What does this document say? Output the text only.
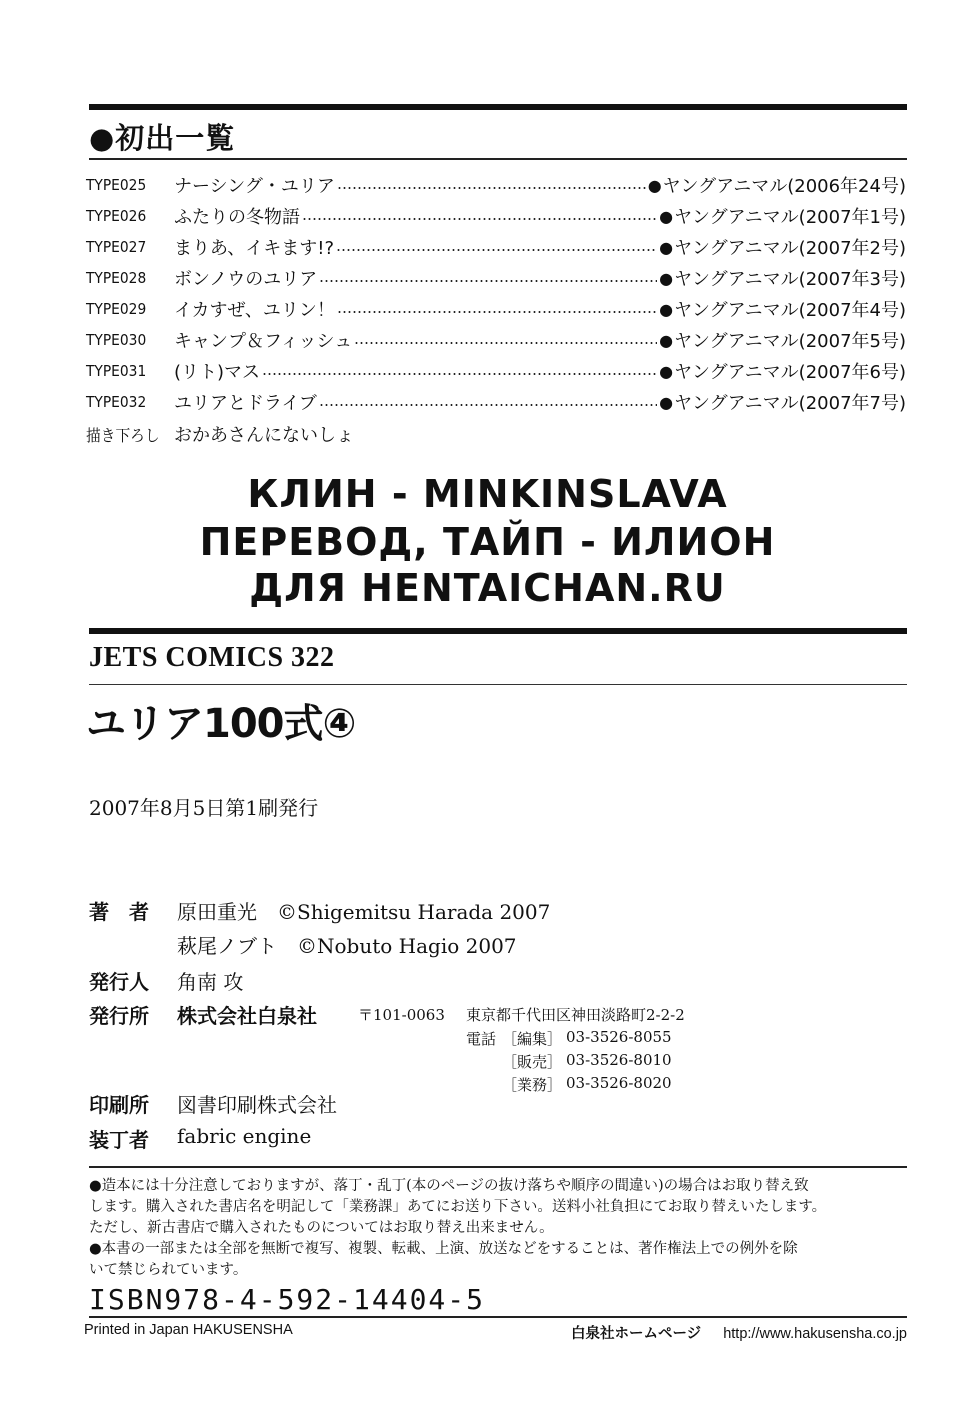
●初出一覧
TYPE025	ナーシング・ユリア	● ヤングアニマル(2006年24号)
TYPE026	ふたりの冬物語	● ヤングアニマル(2007年1号)
TYPE027	まりあ、イキます!?	● ヤングアニマル(2007年2号)
TYPE028	ボンノウのユリア	● ヤングアニマル(2007年3号)
TYPE029	イカすぜ、ユリン！	● ヤングアニマル(2007年4号)
TYPE030	キャンプ＆フィッシュ	● ヤングアニマル(2007年5号)
TYPE031	(リト)マス	● ヤングアニマル(2007年6号)
TYPE032	ユリアとドライブ	● ヤングアニマル(2007年7号)
描き下ろし おかあさんにないしょ
КЛИН - MINKINSLAVA
ПЕРЕВОД, ТАЙП - ИЛИОН
ДЛЯ HENTAICHAN.RU
JETS COMICS 322
ユリア100式④
2007年8月5日第1刷発行
著　者 原田重光　©Shigemitsu Harada 2007
萩尾ノブト　©Nobuto Hagio 2007
発行人 角南 攻
発行所 株式会社白泉社	〒101-0063 東京都千代田区神田淡路町2-2-2
電話 ［編集］ 03-3526-8055
［販売］ 03-3526-8010
［業務］ 03-3526-8020
印刷所 図書印刷株式会社
装丁者 fabric engine
●造本には十分注意しておりますが、落丁・乱丁(本のページの抜け落ちや順序の間違い)の場合はお取り替え致
します。購入された書店名を明記して「業務課」あてにお送り下さい。送料小社負担にてお取り替えいたします。
ただし、新古書店で購入されたものについてはお取り替え出来ません。
●本書の一部または全部を無断で複写、複製、転載、上演、放送などをすることは、著作権法上での例外を除
いて禁じられています。
ISBN978-4-592-14404-5
Printed in Japan HAKUSENSHA	白泉社ホームページ http://www.hakusensha.co.jp
